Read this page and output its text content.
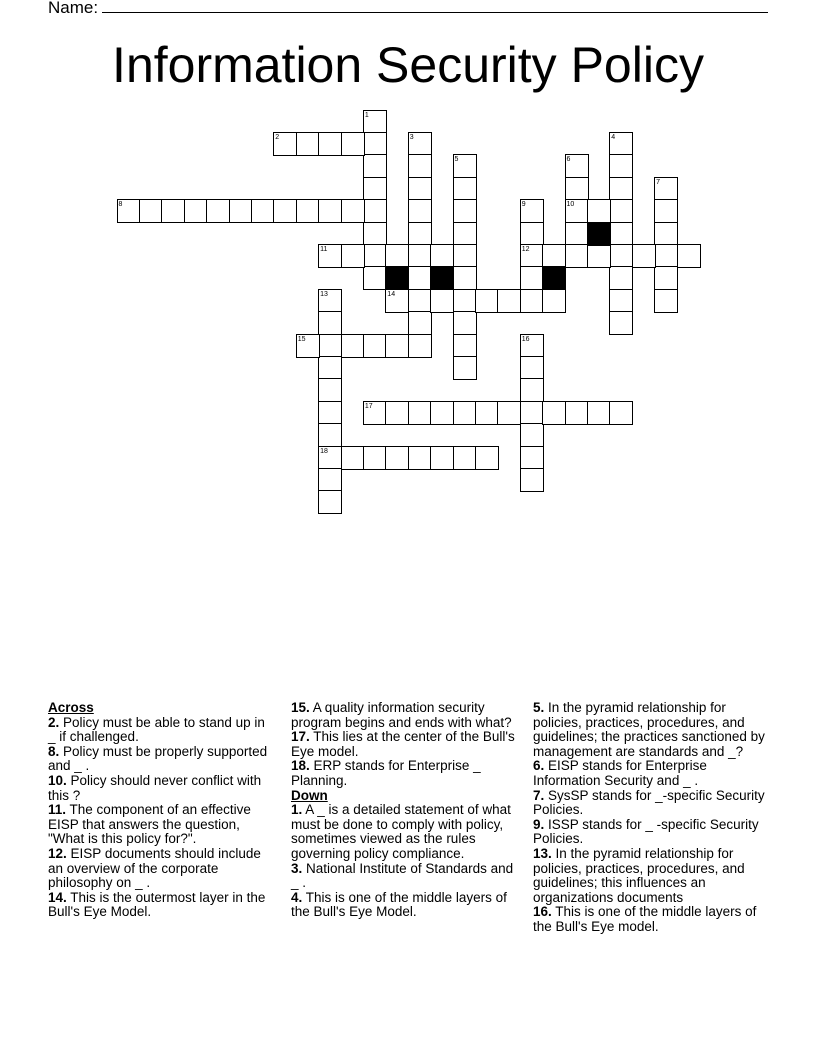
Name:
Information Security Policy
1
2	3	4
5	6
7
8	9	10
11	12
13	14
15	16
17
18
Across
2. Policy must be able to stand up in _ if challenged.
8. Policy must be properly supported and _ .
10. Policy should never conflict with this ?
11. The component of an effective EISP that answers the question, "What is this policy for?".
12. EISP documents should include an overview of the corporate philosophy on _ .
14. This is the outermost layer in the Bull's Eye Model.
15. A quality information security program begins and ends with what?
17. This lies at the center of the Bull's Eye model.
18. ERP stands for Enterprise _ Planning.
Down
1. A _ is a detailed statement of what must be done to comply with policy, sometimes viewed as the rules governing policy compliance.
3. National Institute of Standards and _ .
4. This is one of the middle layers of the Bull's Eye Model.
5. In the pyramid relationship for policies, practices, procedures, and guidelines; the practices sanctioned by management are standards and _?
6. EISP stands for Enterprise Information Security and _ .
7. SysSP stands for _-specific Security Policies.
9. ISSP stands for _ -specific Security Policies.
13. In the pyramid relationship for policies, practices, procedures, and guidelines; this influences an organizations documents
16. This is one of the middle layers of the Bull's Eye model.
